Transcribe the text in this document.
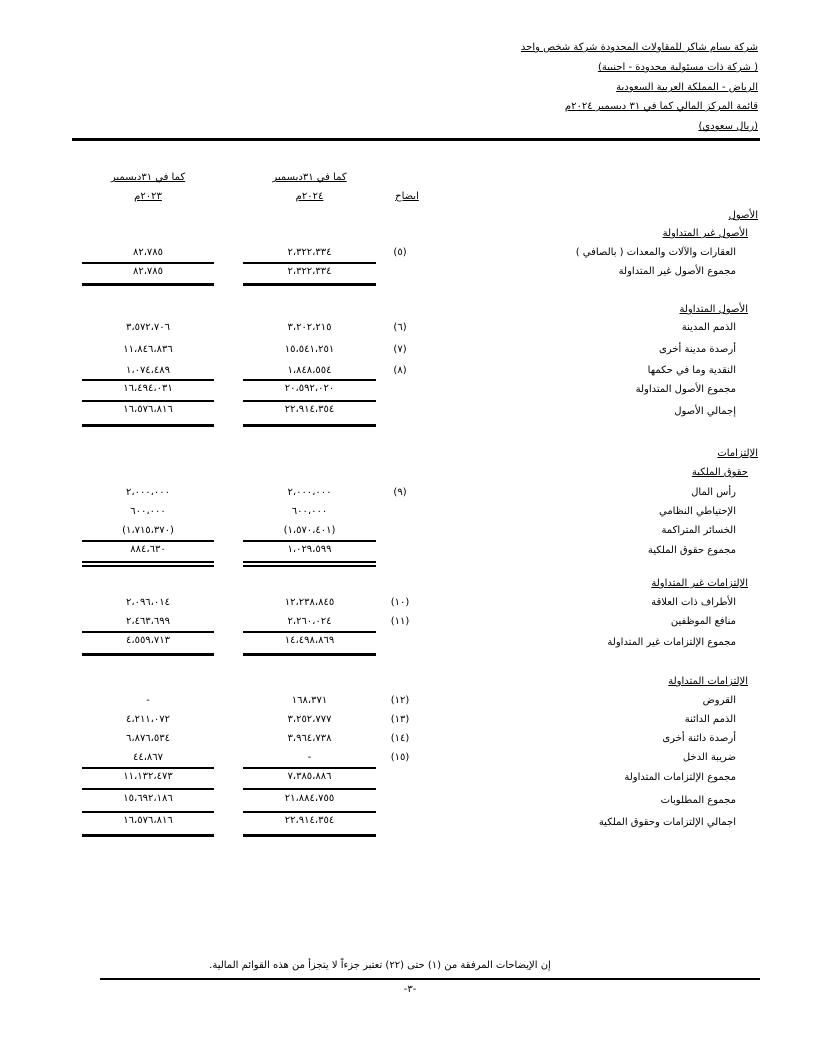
شركة بسام شاكر للمقاولات المحدودة شركة شخص واحد
( شركة ذات مسئولية محدودة - اجنبية)
الرياض - المملكة العربية السعودية
قائمة المركز المالي كما في ٣١ ديسمبر ٢٠٢٤م
(ريال سعودي)
كما في ٣١ديسمبر
٢٠٢٤م
كما في ٣١ديسمبر
٢٠٢٣م	ايضاح
الأصول
الأصول غير المتداولة
العقارات والآلات والمعدات ( بالصافي )
(٥)
٢،٣٢٢،٣٣٤
٨٢،٧٨٥
مجموع الأصول غير المتداولة
٢،٣٢٢،٣٣٤
٨٢،٧٨٥
الأصول المتداولة
الذمم المدينة
(٦)
٣،٢٠٢،٢١٥
٣،٥٧٢،٧٠٦
أرصدة مدينة أخرى
(٧)
١٥،٥٤١،٢٥١
١١،٨٤٦،٨٣٦
النقدية وما في حكمها
(٨)
١،٨٤٨،٥٥٤
١،٠٧٤،٤٨٩
مجموع الأصول المتداولة
٢٠،٥٩٢،٠٢٠
١٦،٤٩٤،٠٣١
إجمالي الأصول
٢٢،٩١٤،٣٥٤
١٦،٥٧٦،٨١٦
الإلتزامات
حقوق الملكية
رأس المال
(٩)
٢،٠٠٠،٠٠٠
٢،٠٠٠،٠٠٠
الإحتياطي النظامي
٦٠٠،٠٠٠
٦٠٠،٠٠٠
الخسائر المتراكمة
(١،٥٧٠،٤٠١)
(١،٧١٥،٣٧٠)
مجموع حقوق الملكية
١،٠٢٩،٥٩٩
٨٨٤،٦٣٠
الإلتزامات غير المتداولة
الأطراف ذات العلاقة
(١٠)
١٢،٢٣٨،٨٤٥
٢،٠٩٦،٠١٤
منافع الموظفين
(١١)
٢،٢٦٠،٠٢٤
٢،٤٦٣،٦٩٩
مجموع الإلتزامات غير المتداولة
١٤،٤٩٨،٨٦٩
٤،٥٥٩،٧١٣
الإلتزامات المتداولة
القروض
(١٢)
١٦٨،٣٧١
-
الذمم الدائنة
(١٣)
٣،٢٥٢،٧٧٧
٤،٢١١،٠٧٢
أرصدة دائنة أخرى
(١٤)
٣،٩٦٤،٧٣٨
٦،٨٧٦،٥٣٤
ضريبة الدخل
(١٥)
-
٤٤،٨٦٧
مجموع الإلتزامات المتداولة
٧،٣٨٥،٨٨٦
١١،١٣٢،٤٧٣
مجموع المطلوبات
٢١،٨٨٤،٧٥٥
١٥،٦٩٢،١٨٦
اجمالي الإلتزامات وحقوق الملكية
٢٢،٩١٤،٣٥٤
١٦،٥٧٦،٨١٦
إن الإيضاحات المرفقة من (١) حتى (٢٢) تعتبر جزءاً لا يتجزأ من هذه القوائم المالية.
-٣-
